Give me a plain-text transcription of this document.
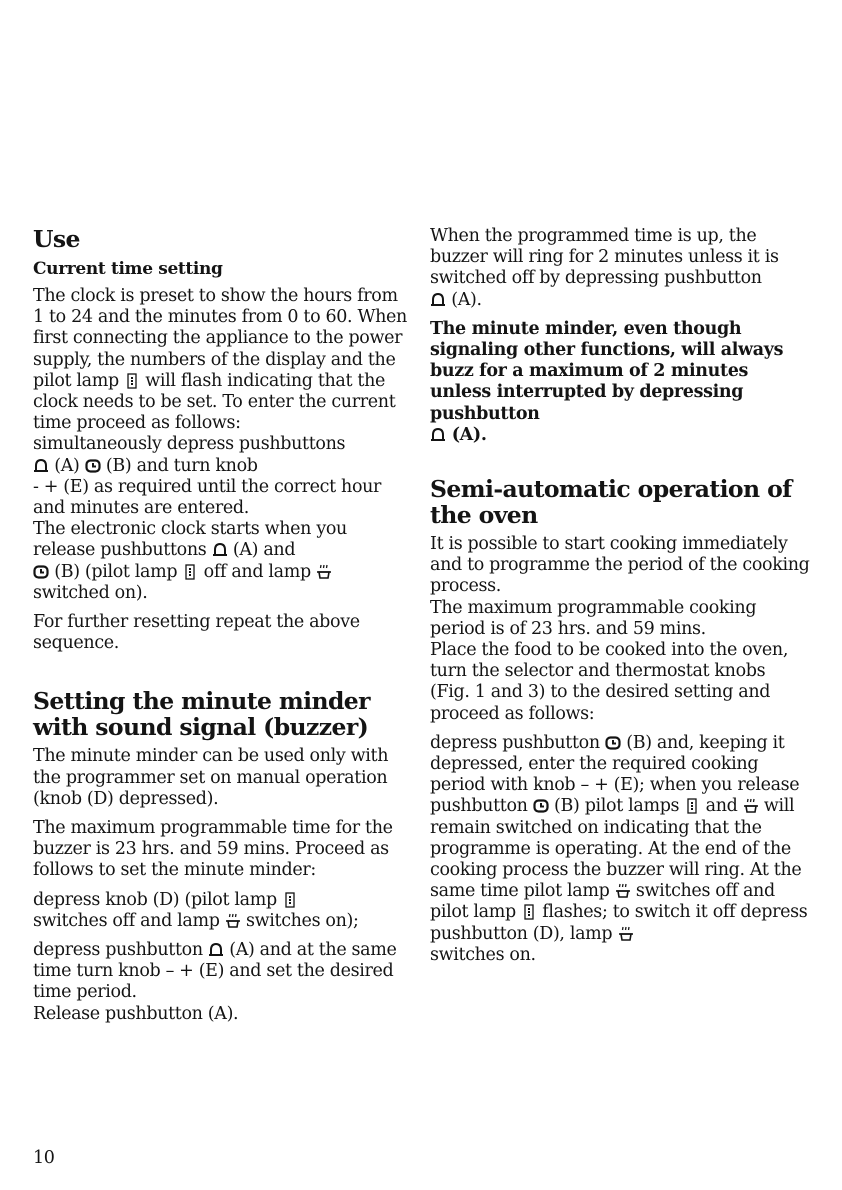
Use
Current time setting

The clock is preset to show the hours from 1 to 24 and the minutes from 0 to 60. When first connecting the appliance to the power supply, the numbers of the display and the pilot lamp will flash indicating that the clock needs to be set. To enter the current time proceed as follows:
simultaneously depress pushbuttons

(A) (B) and turn knob
- + (E) as required until the correct hour and minutes are entered.
The electronic clock starts when you release pushbuttons (A) and

(B) (pilot lamp off and lamp

switched on).

For further resetting repeat the above sequence.

Setting the minute minder with sound signal (buzzer)

The minute minder can be used only with the programmer set on manual operation (knob (D) depressed).

The maximum programmable time for the buzzer is 23 hrs. and 59 mins. Proceed as follows to set the minute minder:

depress knob (D) (pilot lamp

switches off and lamp switches on);

depress pushbutton (A) and at the same time turn knob – + (E) and set the desired time period.
Release pushbutton (A).

When the programmed time is up, the buzzer will ring for 2 minutes unless it is switched off by depressing pushbutton

(A).

The minute minder, even though signaling other functions, will always buzz for a maximum of 2 minutes unless interrupted by depressing pushbutton

(A).

Semi-automatic operation of the oven

It is possible to start cooking immediately and to programme the period of the cooking process.
The maximum programmable cooking period is of 23 hrs. and 59 mins.
Place the food to be cooked into the oven, turn the selector and thermostat knobs (Fig. 1 and 3) to the desired setting and proceed as follows:

depress pushbutton (B) and, keeping it depressed, enter the required cooking period with knob – + (E); when you release pushbutton (B) pilot lamps and will remain switched on indicating that the programme is operating. At the end of the cooking process the buzzer will ring. At the same time pilot lamp switches off and pilot lamp flashes; to switch it off depress pushbutton (D), lamp

switches on.

10
